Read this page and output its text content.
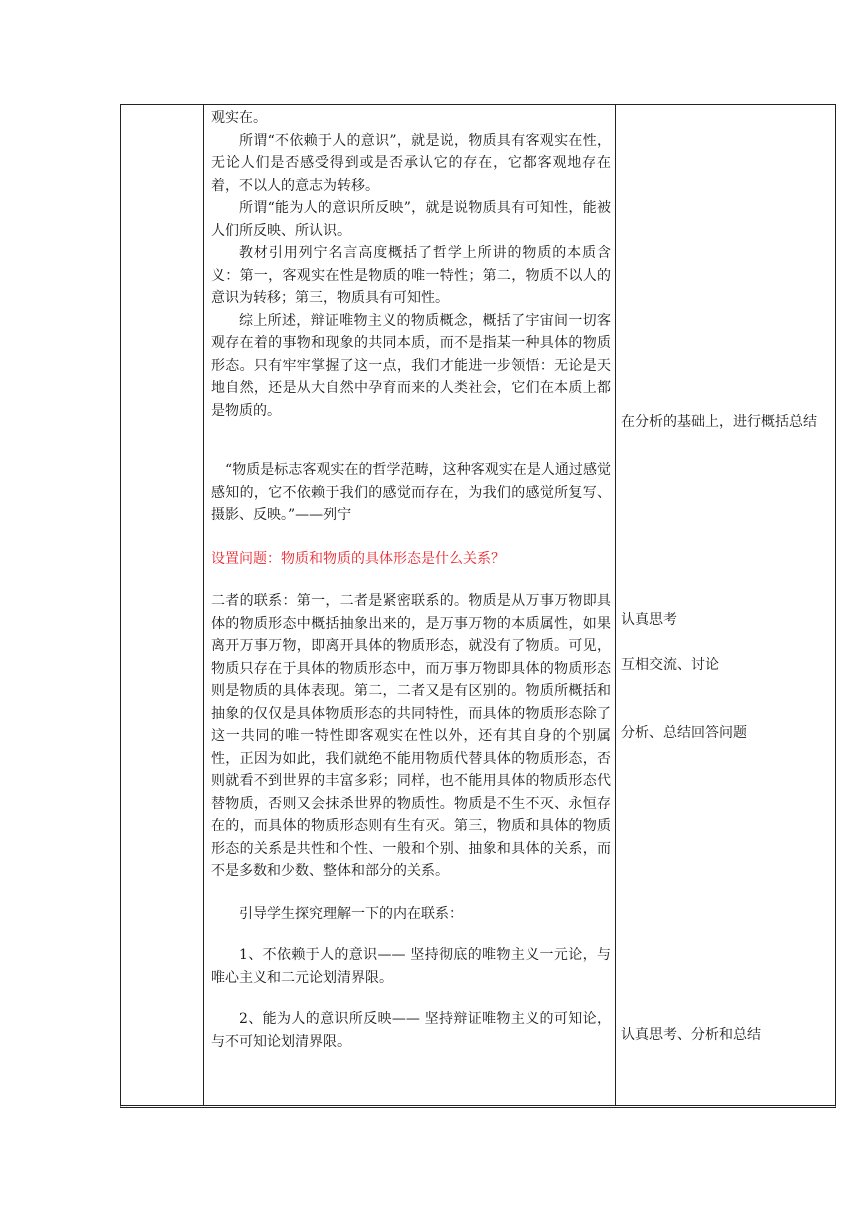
观实在。

所谓“不依赖于人的意识”，就是说，物质具有客观实在性，无论人们是否感受得到或是否承认它的存在，它都客观地存在着，不以人的意志为转移。

所谓“能为人的意识所反映”，就是说物质具有可知性，能被人们所反映、所认识。

教材引用列宁名言高度概括了哲学上所讲的物质的本质含义：第一，客观实在性是物质的唯一特性；第二，物质不以人的意识为转移；第三，物质具有可知性。

综上所述，辩证唯物主义的物质概念，概括了宇宙间一切客观存在着的事物和现象的共同本质，而不是指某一种具体的物质形态。只有牢牢掌握了这一点，我们才能进一步领悟：无论是天地自然，还是从大自然中孕育而来的人类社会，它们在本质上都是物质的。

“物质是标志客观实在的哲学范畴，这种客观实在是人通过感觉感知的，它不依赖于我们的感觉而存在，为我们的感觉所复写、摄影、反映。”——列宁

设置问题：物质和物质的具体形态是什么关系？

二者的联系：第一，二者是紧密联系的。物质是从万事万物即具体的物质形态中概括抽象出来的，是万事万物的本质属性，如果离开万事万物，即离开具体的物质形态，就没有了物质。可见，物质只存在于具体的物质形态中，而万事万物即具体的物质形态则是物质的具体表现。第二，二者又是有区别的。物质所概括和抽象的仅仅是具体物质形态的共同特性，而具体的物质形态除了这一共同的唯一特性即客观实在性以外，还有其自身的个别属性，正因为如此，我们就绝不能用物质代替具体的物质形态，否则就看不到世界的丰富多彩；同样，也不能用具体的物质形态代替物质，否则又会抹杀世界的物质性。物质是不生不灭、永恒存在的，而具体的物质形态则有生有灭。第三，物质和具体的物质形态的关系是共性和个性、一般和个别、抽象和具体的关系，而不是多数和少数、整体和部分的关系。

引导学生探究理解一下的内在联系：

1、不依赖于人的意识—— 坚持彻底的唯物主义一元论，与唯心主义和二元论划清界限。

2、能为人的意识所反映—— 坚持辩证唯物主义的可知论，与不可知论划清界限。

在分析的基础上，进行概括总结
认真思考
互相交流、讨论
分析、总结回答问题
认真思考、分析和总结
